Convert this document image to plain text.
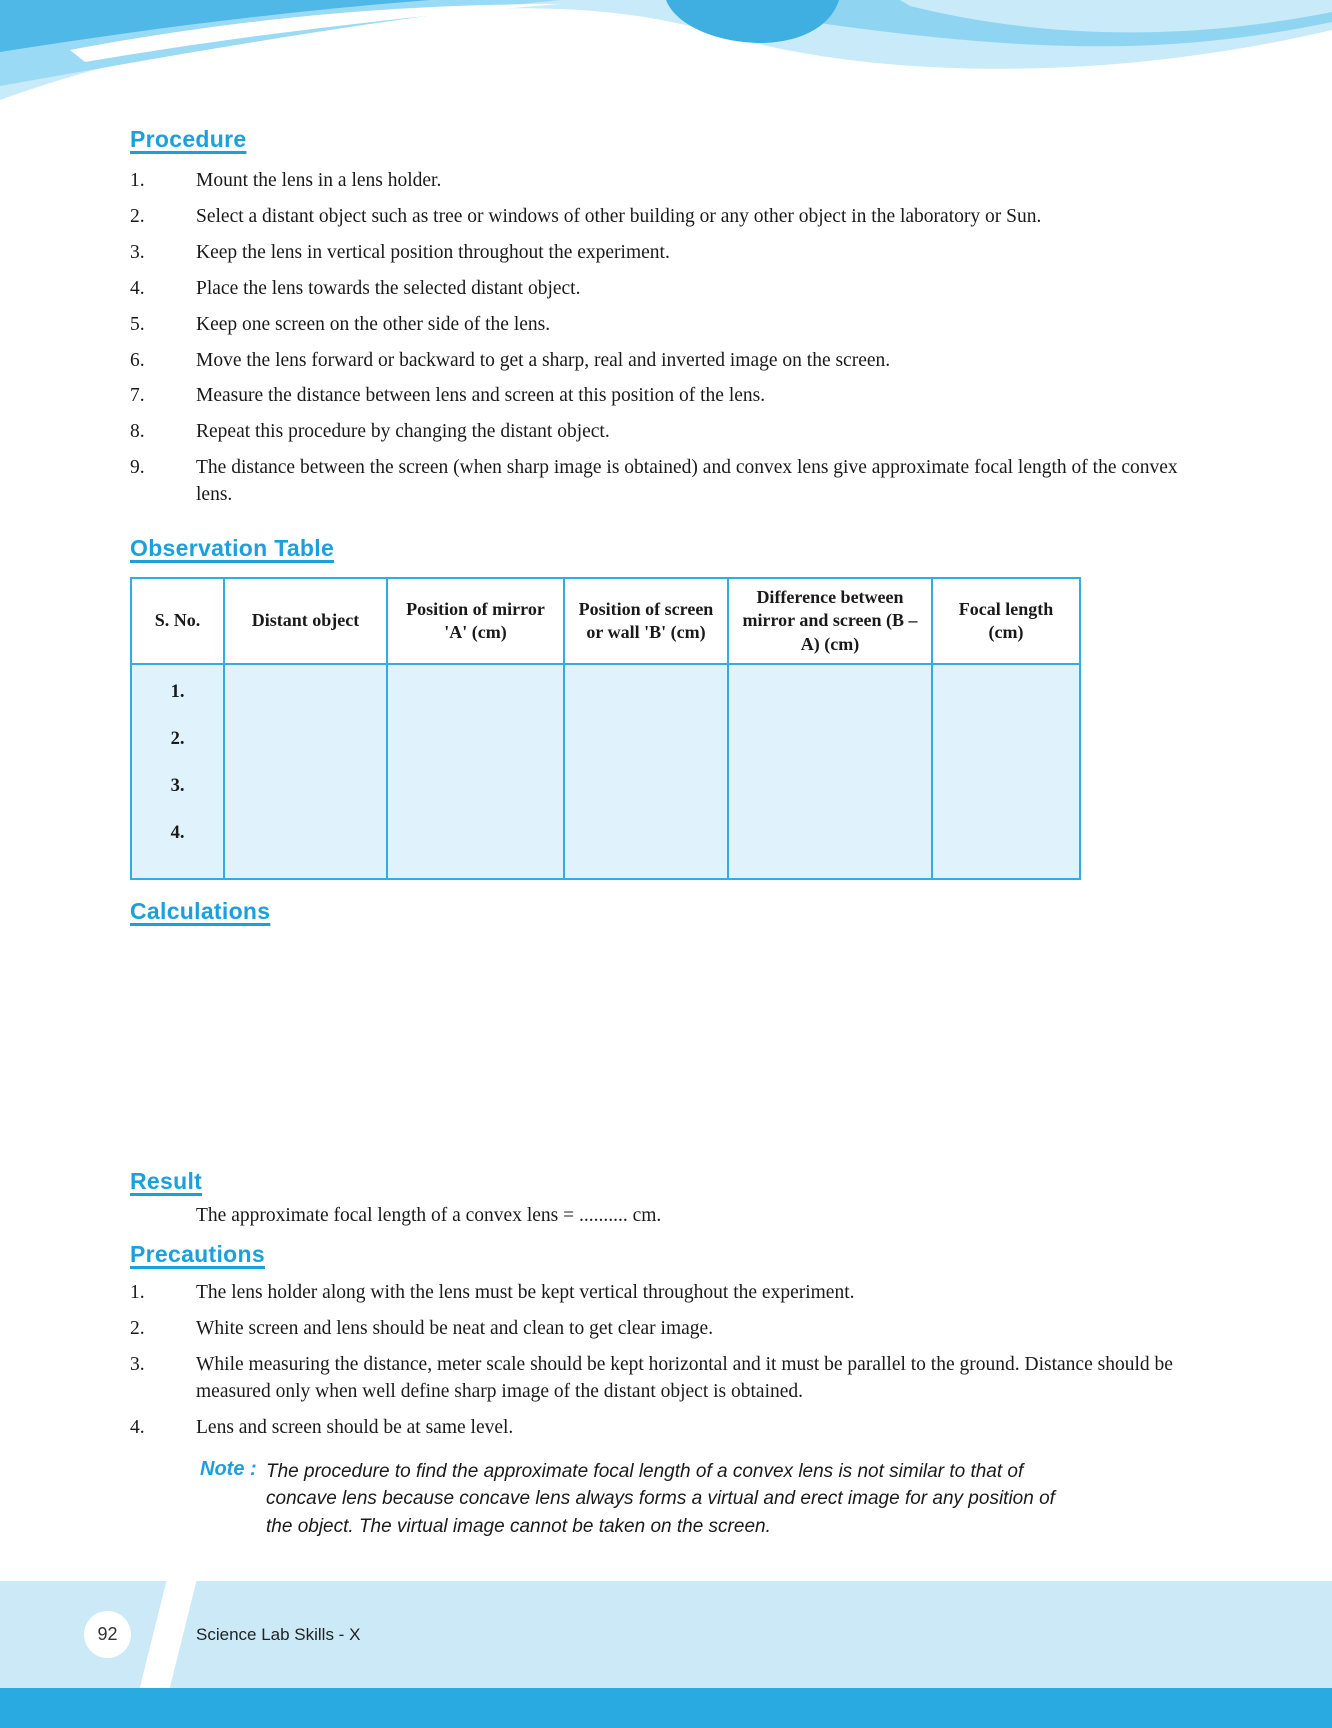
Procedure
1.	Mount the lens in a lens holder.
2.	Select a distant object such as tree or windows of other building or any other object in the laboratory or Sun.
3.	Keep the lens in vertical position throughout the experiment.
4.	Place the lens towards the selected distant object.
5.	Keep one screen on the other side of the lens.
6.	Move the lens forward or backward to get a sharp, real and inverted image on the screen.
7.	Measure the distance between lens and screen at this position of the lens.
8.	Repeat this procedure by changing the distant object.
9.	The distance between the screen (when sharp image is obtained) and convex lens give approximate focal length of the convex lens.
Observation Table
S. No.	Distant object	Position of mirror 'A' (cm)	Position of screen or wall 'B' (cm)	Difference between mirror and screen (B – A) (cm)	Focal length (cm)

1.
2.
3.
4.					

Calculations
Result
The approximate focal length of a convex lens = .......... cm.
Precautions
1.	The lens holder along with the lens must be kept vertical throughout the experiment.
2.	White screen and lens should be neat and clean to get clear image.
3.	While measuring the distance, meter scale should be kept horizontal and it must be parallel to the ground. Distance should be measured only when well define sharp image of the distant object is obtained.
4.	Lens and screen should be at same level.
Note : The procedure to find the approximate focal length of a convex lens is not similar to that of concave lens because concave lens always forms a virtual and erect image for any position of the object. The virtual image cannot be taken on the screen.
92	Science Lab Skills - X
